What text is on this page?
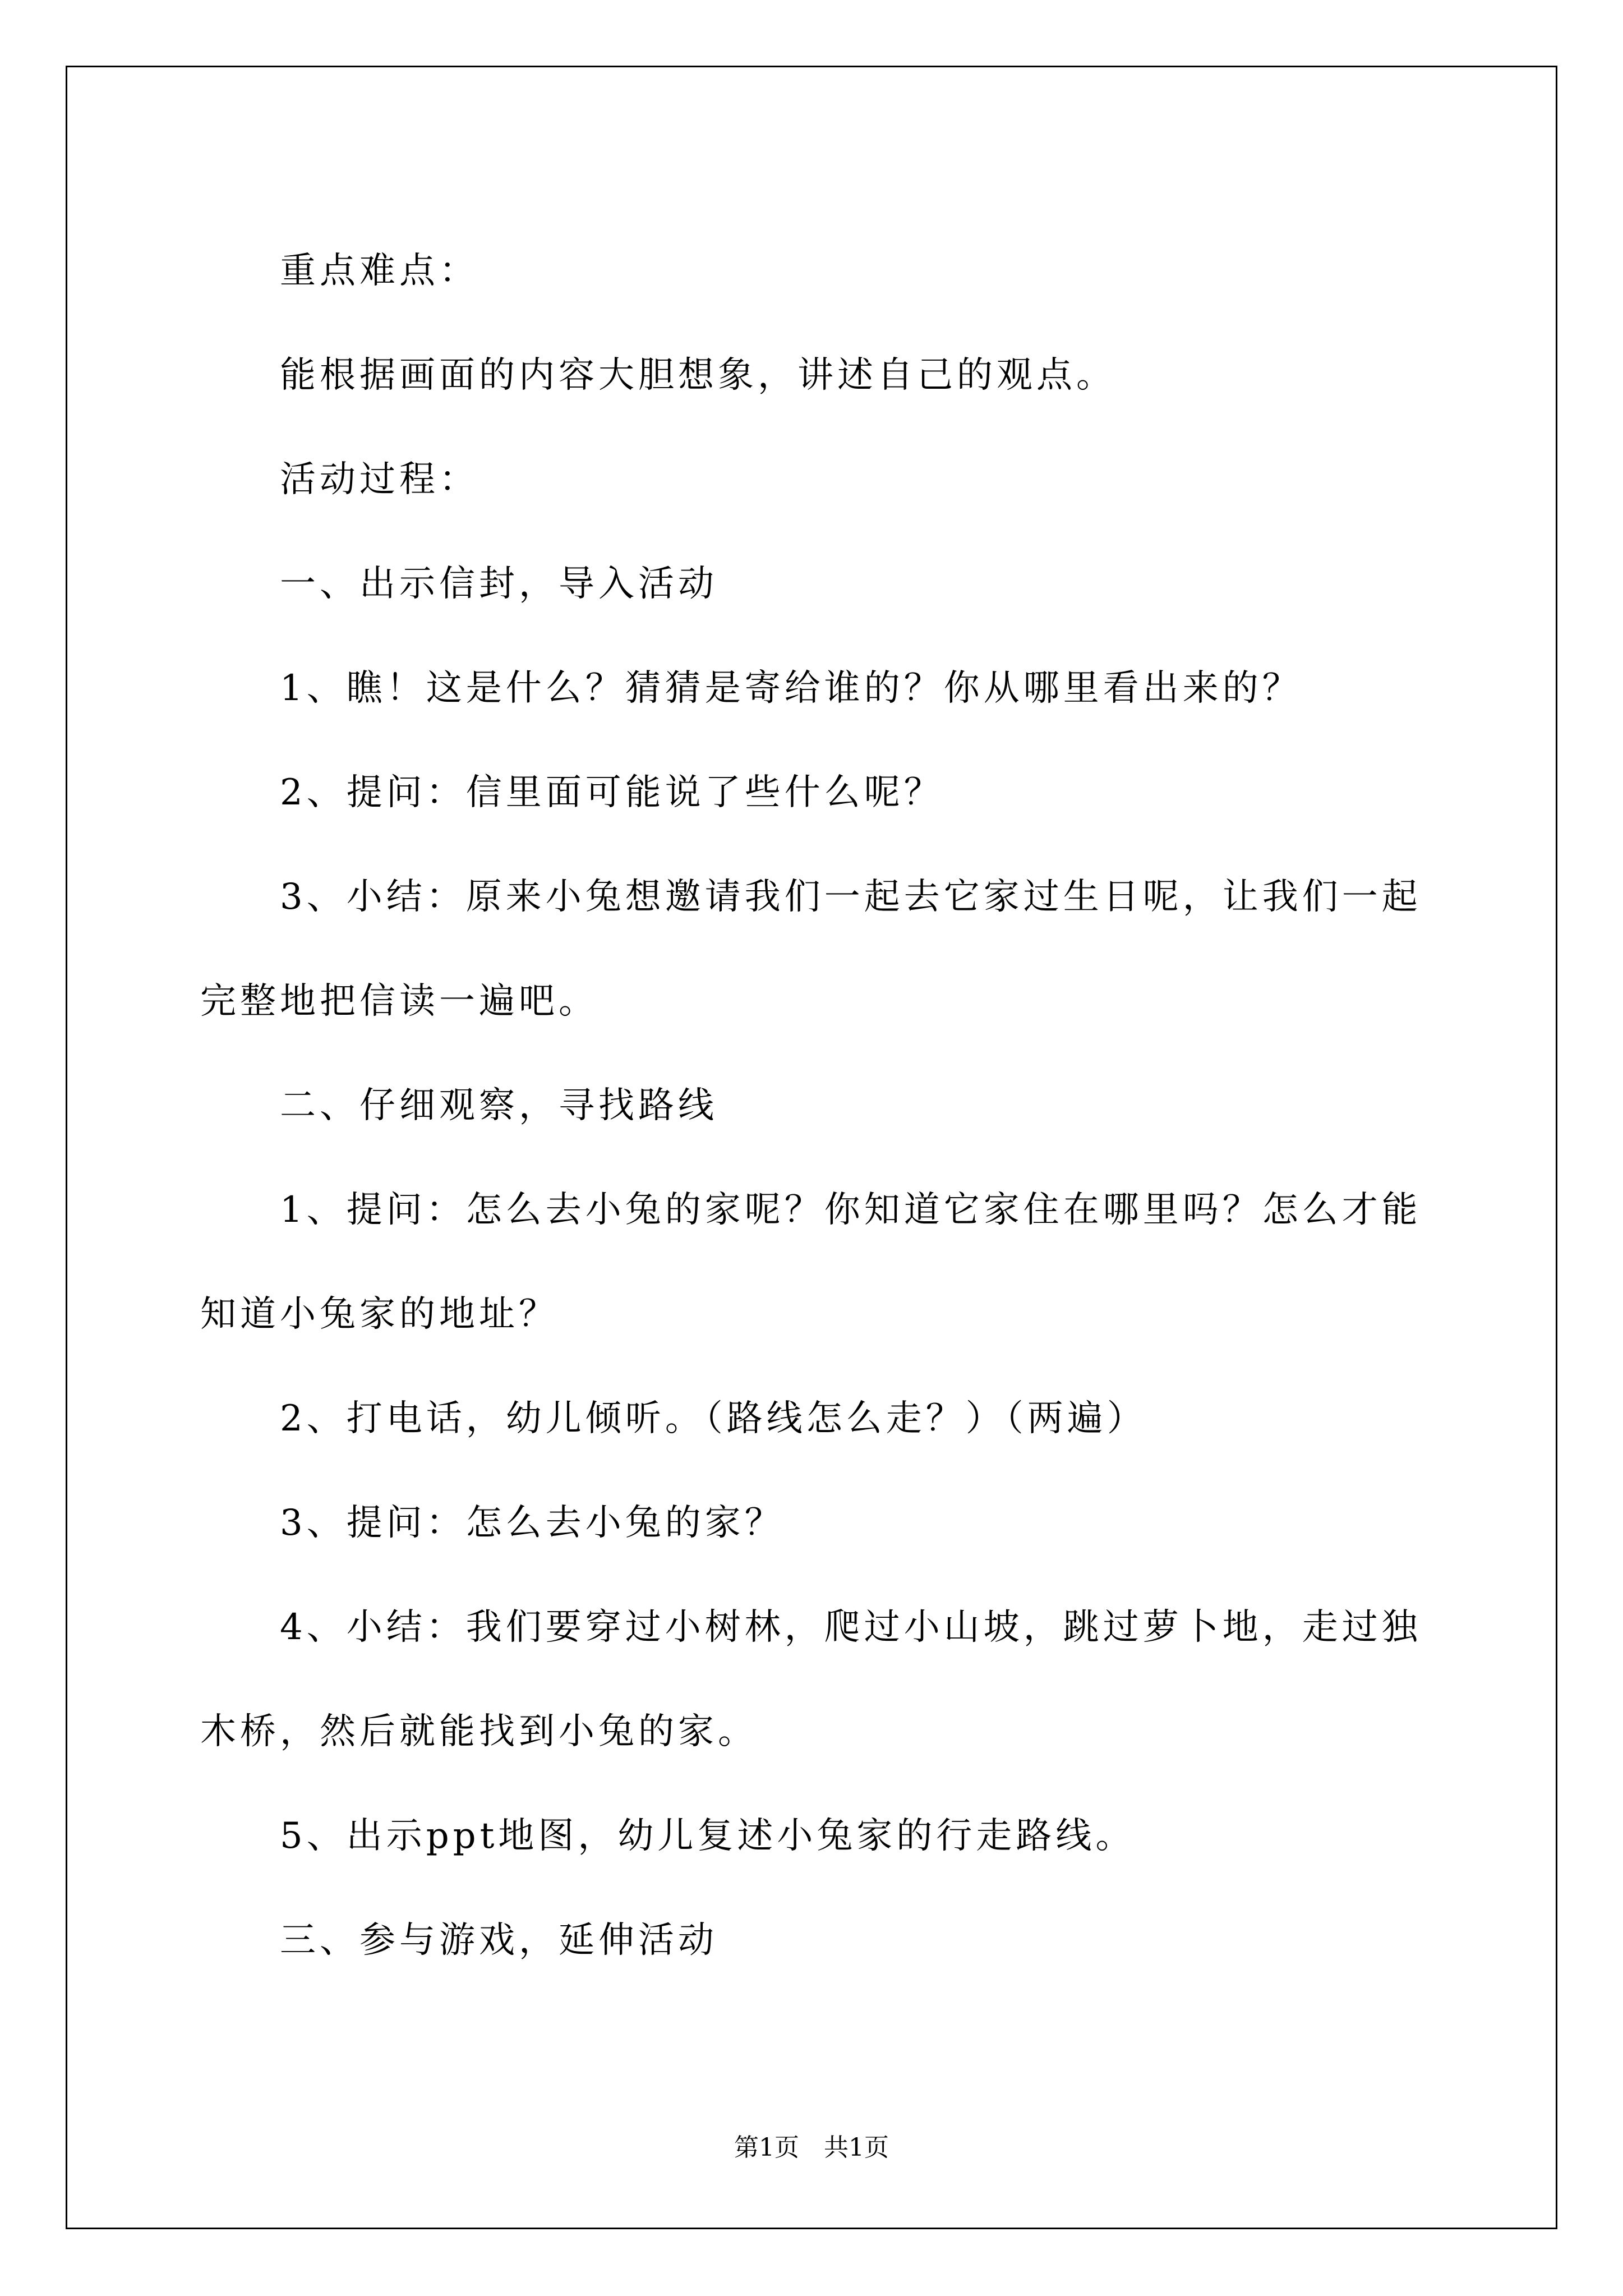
重点难点：

能根据画面的内容大胆想象，讲述自己的观点。

活动过程：

一、出示信封，导入活动

1、瞧！这是什么？猜猜是寄给谁的？你从哪里看出来的？

2、提问：信里面可能说了些什么呢？

3、小结：原来小兔想邀请我们一起去它家过生日呢，让我们一起完整地把信读一遍吧。

二、仔细观察，寻找路线

1、提问：怎么去小兔的家呢？你知道它家住在哪里吗？怎么才能知道小兔家的地址？

2、打电话，幼儿倾听。（路线怎么走？）（两遍）

3、提问：怎么去小兔的家？

4、小结：我们要穿过小树林，爬过小山坡，跳过萝卜地，走过独木桥，然后就能找到小兔的家。

5、出示ppt地图，幼儿复述小兔家的行走路线。

三、参与游戏，延伸活动

第1页　共1页
